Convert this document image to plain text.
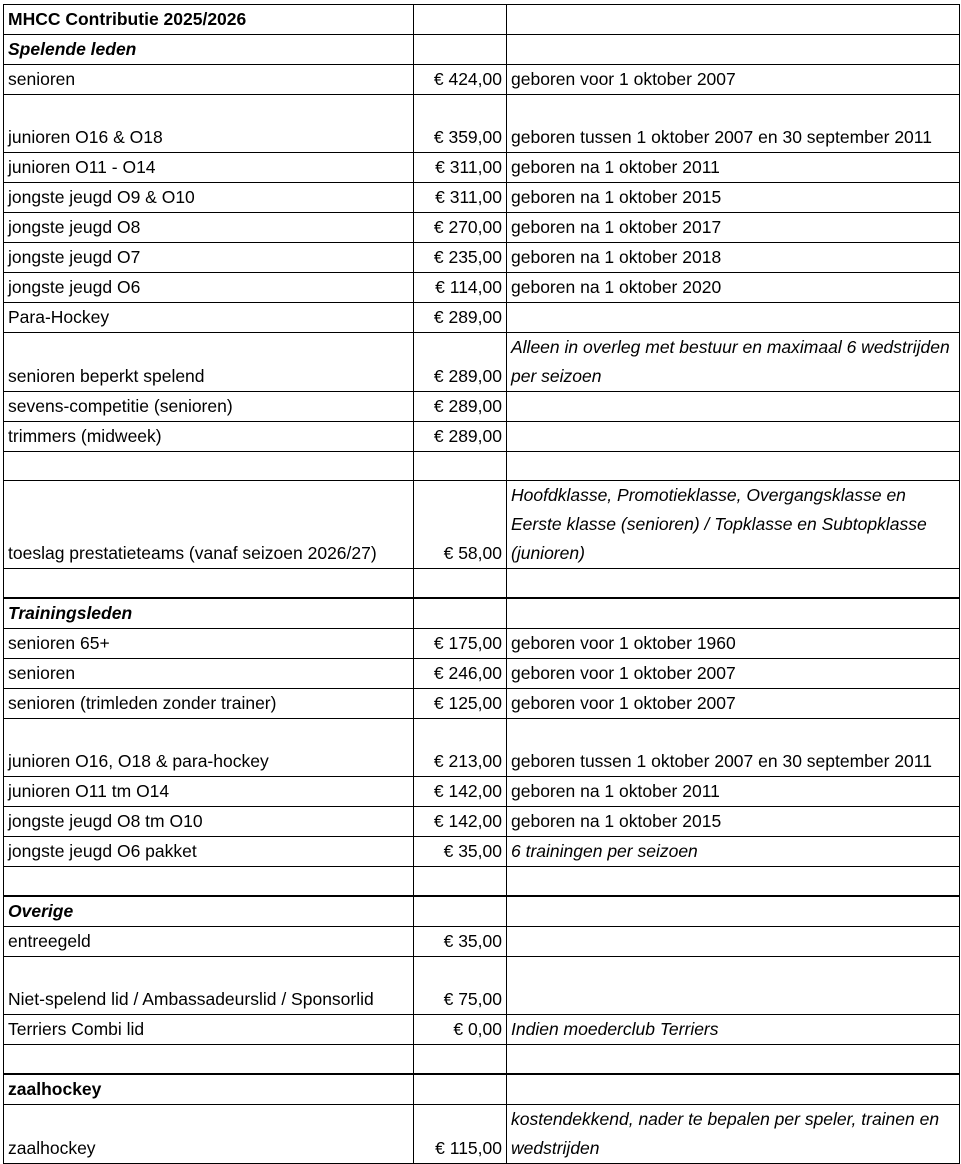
MHCC Contributie 2025/2026		
Spelende leden		
senioren	€ 424,00	geboren voor 1 oktober 2007
junioren O16 & O18	€ 359,00	geboren tussen 1 oktober 2007 en 30 september 2011
junioren O11 - O14	€ 311,00	geboren na 1 oktober 2011
jongste jeugd O9 & O10	€ 311,00	geboren na 1 oktober 2015
jongste jeugd O8	€ 270,00	geboren na 1 oktober 2017
jongste jeugd O7	€ 235,00	geboren na 1 oktober 2018
jongste jeugd O6	€ 114,00	geboren na 1 oktober 2020
Para-Hockey	€ 289,00	
senioren beperkt spelend	€ 289,00	Alleen in overleg met bestuur en maximaal 6 wedstrijden per seizoen
sevens-competitie (senioren)	€ 289,00	
trimmers (midweek)	€ 289,00	

toeslag prestatieteams (vanaf seizoen 2026/27)	€ 58,00	Hoofdklasse, Promotieklasse, Overgangsklasse en Eerste klasse (senioren) / Topklasse en Subtopklasse (junioren)

Trainingsleden		
senioren 65+	€ 175,00	geboren voor 1 oktober 1960
senioren	€ 246,00	geboren voor 1 oktober 2007
senioren (trimleden zonder trainer)	€ 125,00	geboren voor 1 oktober 2007
junioren O16, O18 & para-hockey	€ 213,00	geboren tussen 1 oktober 2007 en 30 september 2011
junioren O11 tm O14	€ 142,00	geboren na 1 oktober 2011
jongste jeugd O8 tm O10	€ 142,00	geboren na 1 oktober 2015
jongste jeugd O6 pakket	€ 35,00	6 trainingen per seizoen

Overige		
entreegeld	€ 35,00	
Niet-spelend lid / Ambassadeurslid / Sponsorlid	€ 75,00	
Terriers Combi lid	€ 0,00	Indien moederclub Terriers

zaalhockey		
zaalhockey	€ 115,00	kostendekkend, nader te bepalen per speler, trainen en wedstrijden
